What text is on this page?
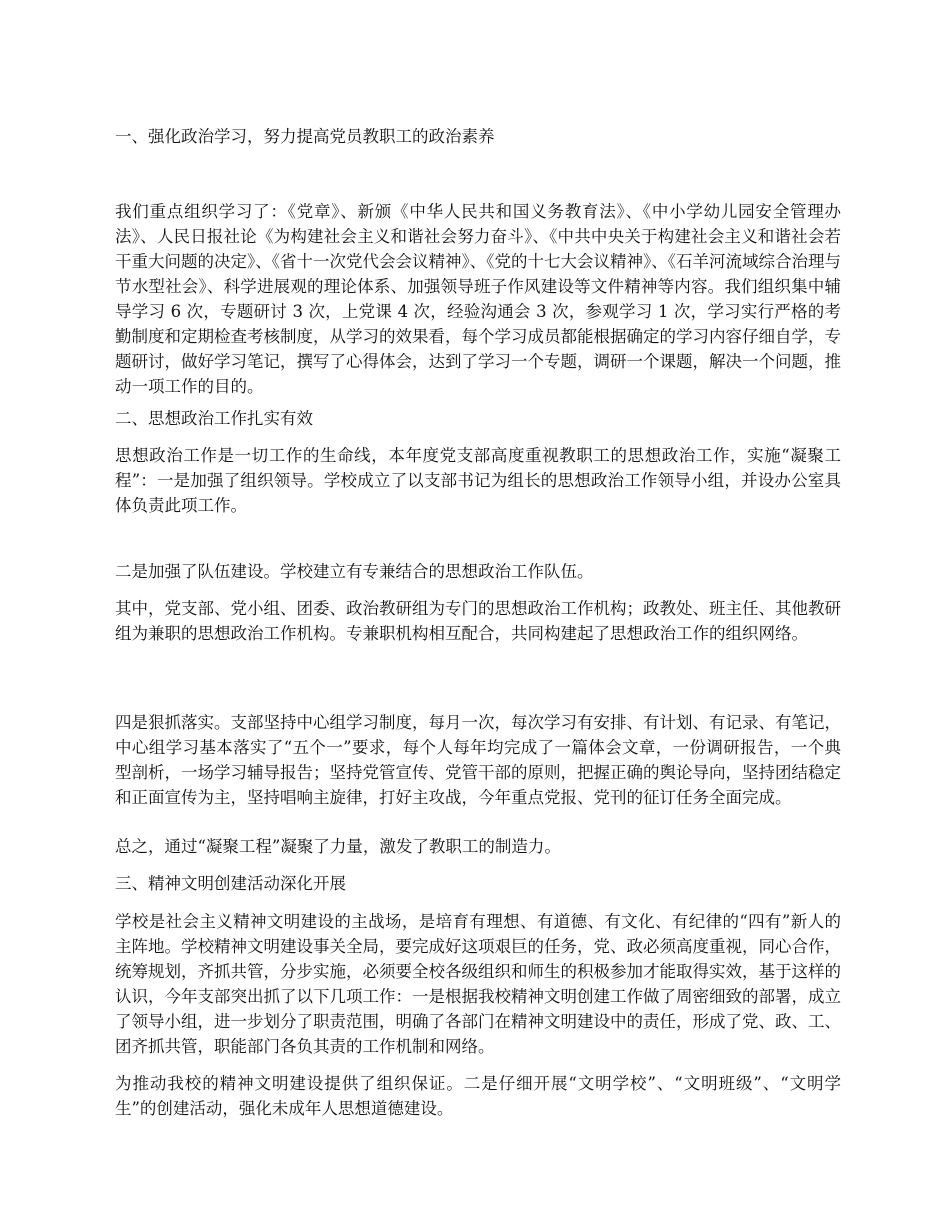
一、强化政治学习，努力提高党员教职工的政治素养

我们重点组织学习了：《党章》、新颁《中华人民共和国义务教育法》、《中小学幼儿园安全管理办法》、人民日报社论《为构建社会主义和谐社会努力奋斗》、《中共中央关于构建社会主义和谐社会若干重大问题的决定》、《省十一次党代会会议精神》、《党的十七大会议精神》、《石羊河流域综合治理与节水型社会》、科学进展观的理论体系、加强领导班子作风建设等文件精神等内容。我们组织集中辅导学习 6 次，专题研讨 3 次，上党课 4 次，经验沟通会 3 次，参观学习 1 次，学习实行严格的考勤制度和定期检查考核制度，从学习的效果看，每个学习成员都能根据确定的学习内容仔细自学，专题研讨，做好学习笔记，撰写了心得体会，达到了学习一个专题，调研一个课题，解决一个问题，推动一项工作的目的。

二、思想政治工作扎实有效

思想政治工作是一切工作的生命线，本年度党支部高度重视教职工的思想政治工作，实施“凝聚工程”：一是加强了组织领导。学校成立了以支部书记为组长的思想政治工作领导小组，并设办公室具体负责此项工作。

二是加强了队伍建设。学校建立有专兼结合的思想政治工作队伍。

其中，党支部、党小组、团委、政治教研组为专门的思想政治工作机构；政教处、班主任、其他教研组为兼职的思想政治工作机构。专兼职机构相互配合，共同构建起了思想政治工作的组织网络。

四是狠抓落实。支部坚持中心组学习制度，每月一次，每次学习有安排、有计划、有记录、有笔记，中心组学习基本落实了“五个一”要求，每个人每年均完成了一篇体会文章，一份调研报告，一个典型剖析，一场学习辅导报告；坚持党管宣传、党管干部的原则，把握正确的舆论导向，坚持团结稳定和正面宣传为主，坚持唱响主旋律，打好主攻战，今年重点党报、党刊的征订任务全面完成。

总之，通过“凝聚工程”凝聚了力量，激发了教职工的制造力。

三、精神文明创建活动深化开展

学校是社会主义精神文明建设的主战场，是培育有理想、有道德、有文化、有纪律的“四有”新人的主阵地。学校精神文明建设事关全局，要完成好这项艰巨的任务，党、政必须高度重视，同心合作，统筹规划，齐抓共管，分步实施，必须要全校各级组织和师生的积极参加才能取得实效，基于这样的认识，今年支部突出抓了以下几项工作：一是根据我校精神文明创建工作做了周密细致的部署，成立了领导小组，进一步划分了职责范围，明确了各部门在精神文明建设中的责任，形成了党、政、工、团齐抓共管，职能部门各负其责的工作机制和网络。

为推动我校的精神文明建设提供了组织保证。二是仔细开展“文明学校”、“文明班级”、“文明学生”的创建活动，强化未成年人思想道德建设。
